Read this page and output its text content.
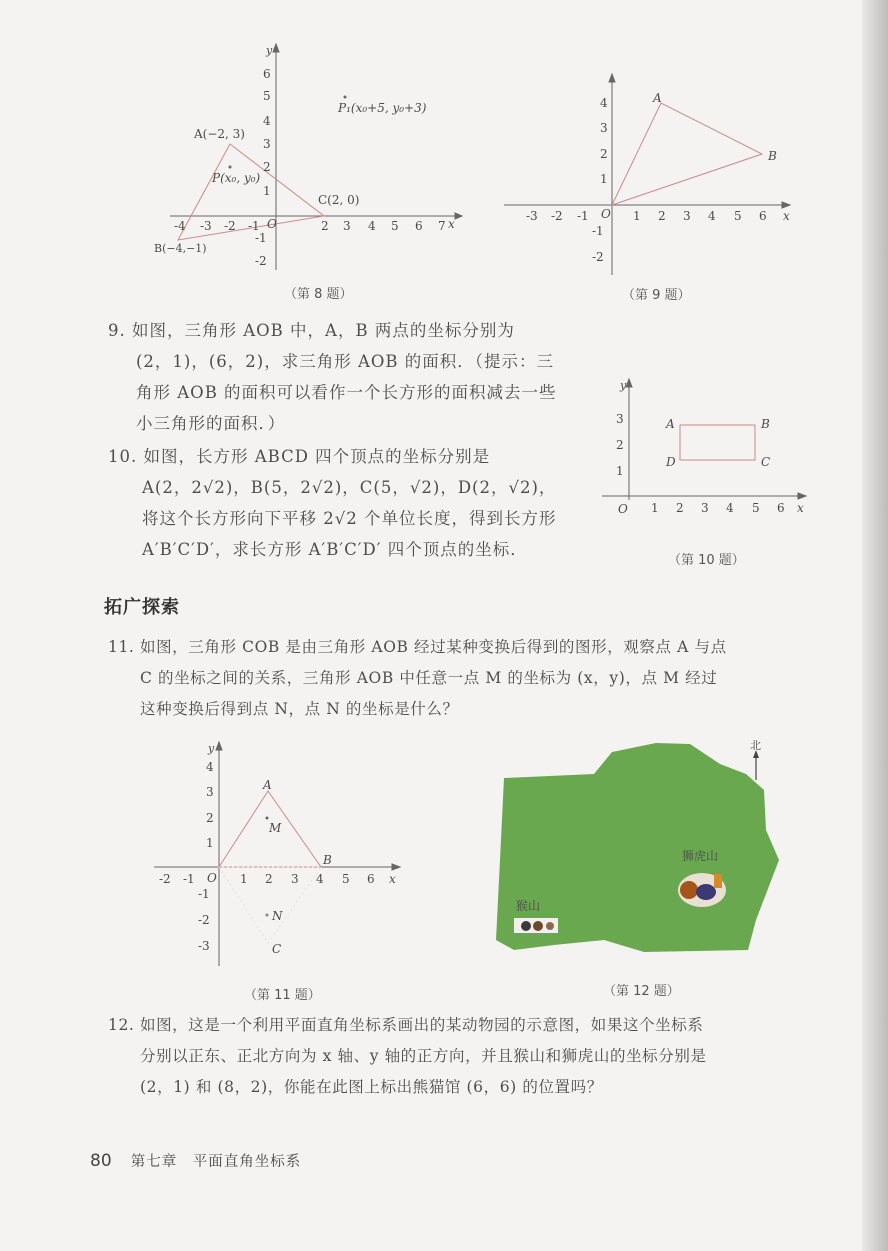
y
x
O
-4 -3 -2 -1	2 3 4 5 6 7
6
5
4
3
2
1
-1
-2
A(−2, 3)
C(2, 0)
B(−4,−1)
P(x₀, y₀)
P₁(x₀+5, y₀+3)
（第 8 题）
O	x
-3 -2 -1	1 2 3 4 5 6
4
3
2
1
-1
-2
A
B
（第 9 题）

9. 如图，三角形 AOB 中，A，B 两点的坐标分别为

(2，1)，(6，2)，求三角形 AOB 的面积．（提示：三

角形 AOB 的面积可以看作一个长方形的面积减去一些

小三角形的面积．）

O
y
x
1 2 3 4 5 6
3
2
1
A	B
C
D
（第 10 题）

10. 如图，长方形 ABCD 四个顶点的坐标分别是

A(2，2√2)，B(5，2√2)，C(5，√2)，D(2，√2)，

将这个长方形向下平移 2√2 个单位长度，得到长方形

A′B′C′D′，求长方形 A′B′C′D′ 四个顶点的坐标．

拓广探索

11. 如图，三角形 COB 是由三角形 AOB 经过某种变换后得到的图形，观察点 A 与点

C 的坐标之间的关系，三角形 AOB 中任意一点 M 的坐标为 (x，y)，点 M 经过

这种变换后得到点 N，点 N 的坐标是什么？

O
y
x
-2 -1	1 2 3 4 5 6
4
3
2
1
-1
-2
-3
A
B
M
N
C
（第 11 题）
北
狮虎山
猴山
（第 12 题）

12. 如图，这是一个利用平面直角坐标系画出的某动物园的示意图，如果这个坐标系

分别以正东、正北方向为 x 轴、y 轴的正方向，并且猴山和狮虎山的坐标分别是

(2，1) 和 (8，2)，你能在此图上标出熊猫馆 (6，6) 的位置吗？

80 第七章　平面直角坐标系
